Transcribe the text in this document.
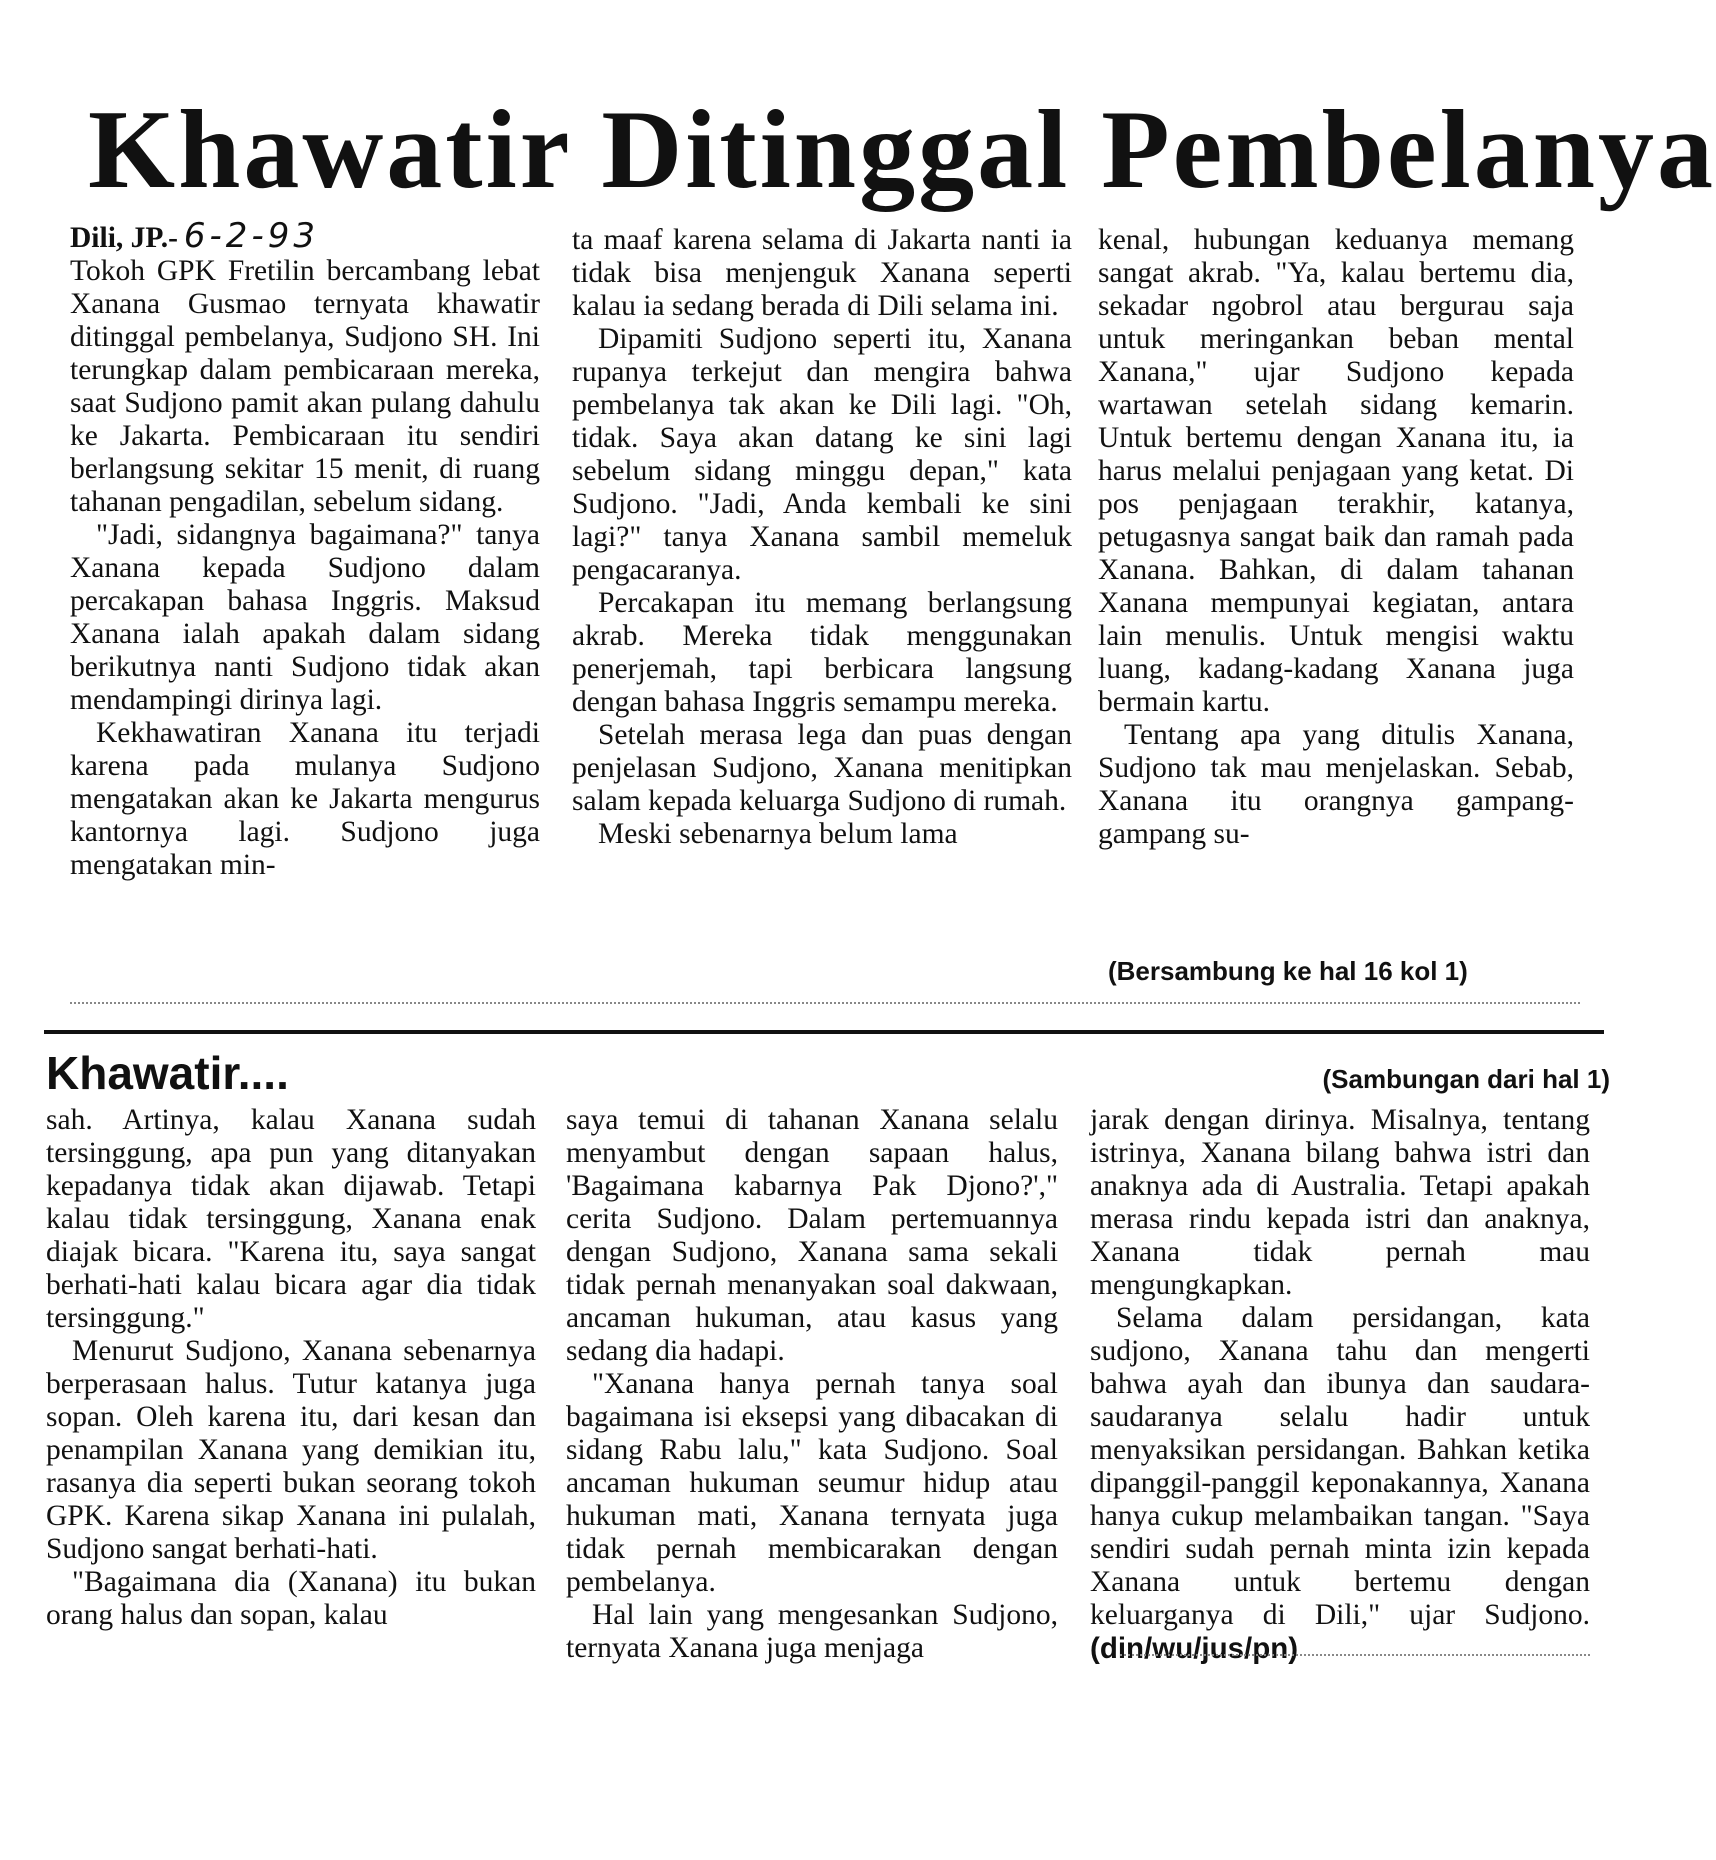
Khawatir Ditinggal Pembelanya

Dili, JP.- 6-2-93
Tokoh GPK Fretilin bercambang lebat Xanana Gusmao ternyata khawatir ditinggal pembelanya, Sudjono SH. Ini terungkap dalam pembicaraan mereka, saat Sudjono pamit akan pulang dahulu ke Jakarta. Pembicaraan itu sendiri berlangsung sekitar 15 menit, di ruang tahanan pengadilan, sebelum sidang.

"Jadi, sidangnya bagaimana?" tanya Xanana kepada Sudjono dalam percakapan bahasa Inggris. Maksud Xanana ialah apakah dalam sidang berikutnya nanti Sudjono tidak akan mendampingi dirinya lagi.

Kekhawatiran Xanana itu terjadi karena pada mulanya Sudjono mengatakan akan ke Jakarta mengurus kantornya lagi. Sudjono juga mengatakan min-

ta maaf karena selama di Jakarta nanti ia tidak bisa menjenguk Xanana seperti kalau ia sedang berada di Dili selama ini.

Dipamiti Sudjono seperti itu, Xanana rupanya terkejut dan mengira bahwa pembelanya tak akan ke Dili lagi. "Oh, tidak. Saya akan datang ke sini lagi sebelum sidang minggu depan," kata Sudjono. "Jadi, Anda kembali ke sini lagi?" tanya Xanana sambil memeluk pengacaranya.

Percakapan itu memang berlangsung akrab. Mereka tidak menggunakan penerjemah, tapi berbicara langsung dengan bahasa Inggris semampu mereka.

Setelah merasa lega dan puas dengan penjelasan Sudjono, Xanana menitipkan salam kepada keluarga Sudjono di rumah.

Meski sebenarnya belum lama

kenal, hubungan keduanya memang sangat akrab. "Ya, kalau bertemu dia, sekadar ngobrol atau bergurau saja untuk meringankan beban mental Xanana," ujar Sudjono kepada wartawan setelah sidang kemarin. Untuk bertemu dengan Xanana itu, ia harus melalui penjagaan yang ketat. Di pos penjagaan terakhir, katanya, petugasnya sangat baik dan ramah pada Xanana. Bahkan, di dalam tahanan Xanana mempunyai kegiatan, antara lain menulis. Untuk mengisi waktu luang, kadang-kadang Xanana juga bermain kartu.

Tentang apa yang ditulis Xanana, Sudjono tak mau menjelaskan. Sebab, Xanana itu orangnya gampang-gampang su-

(Bersambung ke hal 16 kol 1)
Khawatir....	(Sambungan dari hal 1)

sah. Artinya, kalau Xanana sudah tersinggung, apa pun yang ditanyakan kepadanya tidak akan dijawab. Tetapi kalau tidak tersinggung, Xanana enak diajak bicara. "Karena itu, saya sangat berhati-hati kalau bicara agar dia tidak tersinggung."

Menurut Sudjono, Xanana sebenarnya berperasaan halus. Tutur katanya juga sopan. Oleh karena itu, dari kesan dan penampilan Xanana yang demikian itu, rasanya dia seperti bukan seorang tokoh GPK. Karena sikap Xanana ini pulalah, Sudjono sangat berhati-hati.

"Bagaimana dia (Xanana) itu bukan orang halus dan sopan, kalau

saya temui di tahanan Xanana selalu menyambut dengan sapaan halus, 'Bagaimana kabarnya Pak Djono?'," cerita Sudjono. Dalam pertemuannya dengan Sudjono, Xanana sama sekali tidak pernah menanyakan soal dakwaan, ancaman hukuman, atau kasus yang sedang dia hadapi.

"Xanana hanya pernah tanya soal bagaimana isi eksepsi yang dibacakan di sidang Rabu lalu," kata Sudjono. Soal ancaman hukuman seumur hidup atau hukuman mati, Xanana ternyata juga tidak pernah membicarakan dengan pembelanya.

Hal lain yang mengesankan Sudjono, ternyata Xanana juga menjaga

jarak dengan dirinya. Misalnya, tentang istrinya, Xanana bilang bahwa istri dan anaknya ada di Australia. Tetapi apakah merasa rindu kepada istri dan anaknya, Xanana tidak pernah mau mengungkapkan.

Selama dalam persidangan, kata sudjono, Xanana tahu dan mengerti bahwa ayah dan ibunya dan saudara-saudaranya selalu hadir untuk menyaksikan persidangan. Bahkan ketika dipanggil-panggil keponakannya, Xanana hanya cukup melambaikan tangan. "Saya sendiri sudah pernah minta izin kepada Xanana untuk bertemu dengan keluarganya di Dili," ujar Sudjono. (din/wu/jus/pn)
